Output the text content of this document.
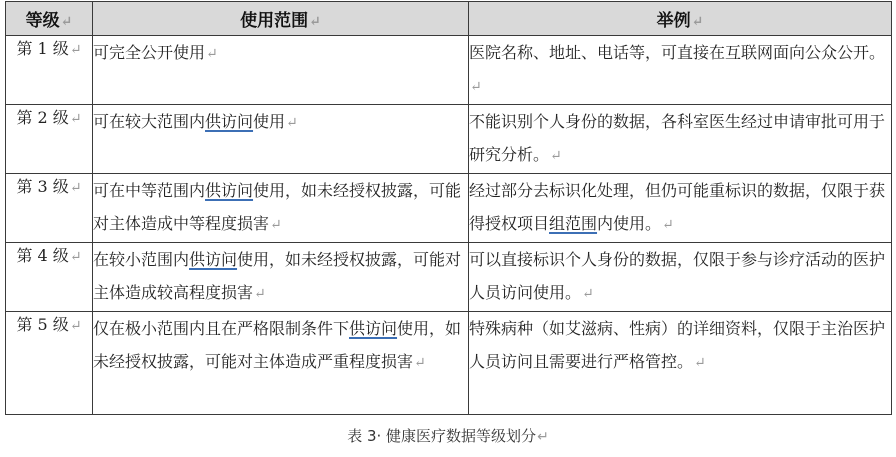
等级↵	使用范围↵	举例↵
第 1 级↵	可完全公开使用↵	医院名称、地址、电话等，可直接在互联网面向公众公开。↵
第 2 级↵	可在较大范围内供访问使用↵	不能识别个人身份的数据，各科室医生经过申请审批可用于研究分析。↵
第 3 级↵	可在中等范围内供访问使用，如未经授权披露，可能对主体造成中等程度损害↵	经过部分去标识化处理，但仍可能重标识的数据，仅限于获得授权项目组范围内使用。↵
第 4 级↵	在较小范围内供访问使用，如未经授权披露，可能对主体造成较高程度损害↵	可以直接标识个人身份的数据，仅限于参与诊疗活动的医护人员访问使用。↵
第 5 级↵	仅在极小范围内且在严格限制条件下供访问使用，如未经授权披露，可能对主体造成严重程度损害↵	特殊病种（如艾滋病、性病）的详细资料，仅限于主治医护人员访问且需要进行严格管控。↵
表 3· 健康医疗数据等级划分↵
